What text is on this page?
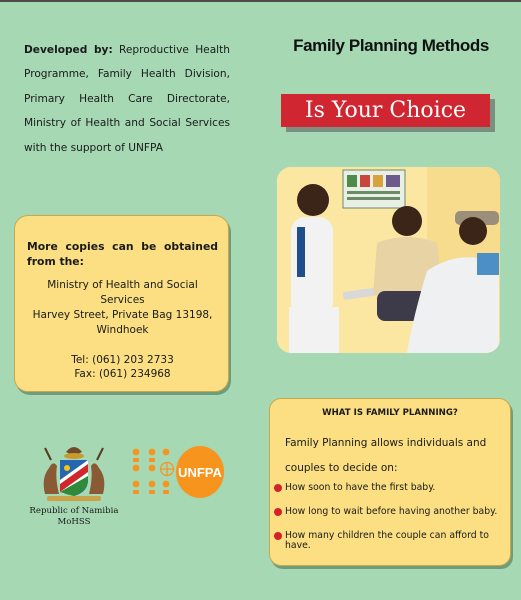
Developed by: Reproductive Health Programme, Family Health Division, Primary Health Care Directorate, Ministry of Health and Social Services with the support of UNFPA
Family Planning Methods
Is Your Choice
More copies can be obtained from the:
Ministry of Health and Social Services
Harvey Street, Private Bag 13198,
Windhoek
Tel: (061) 203 2733
Fax: (061) 234968
Republic of Namibia
MoHSS
UNFPA
WHAT IS FAMILY PLANNING?
Family Planning allows individuals and couples to decide on:
How soon to have the first baby.
How long to wait before having another baby.
How many children the couple can afford to have.
